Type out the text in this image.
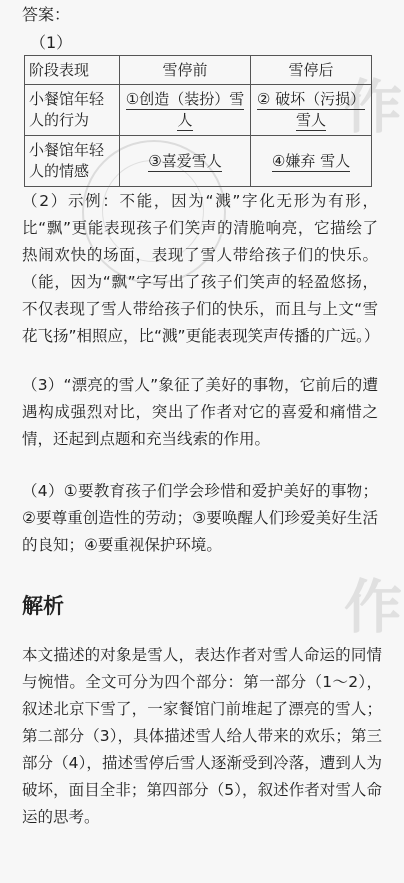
作
作
答案：
（1）
阶段表现	雪停前	雪停后
小餐馆年轻人的行为	①创造（装扮）雪人	② 破坏（污损）雪人
小餐馆年轻人的情感	③喜爱雪人	④嫌弃 雪人
（2）示例：不能，因为“溅”字化无形为有形，比“飘”更能表现孩子们笑声的清脆响亮，它描绘了热闹欢快的场面，表现了雪人带给孩子们的快乐。（能，因为“飘”字写出了孩子们笑声的轻盈悠扬，不仅表现了雪人带给孩子们的快乐，而且与上文“雪花飞扬”相照应，比“溅”更能表现笑声传播的广远。）
（3）“漂亮的雪人”象征了美好的事物，它前后的遭遇构成强烈对比，突出了作者对它的喜爱和痛惜之情，还起到点题和充当线索的作用。
（4）①要教育孩子们学会珍惜和爱护美好的事物；②要尊重创造性的劳动；③要唤醒人们珍爱美好生活的良知；④要重视保护环境。
解析
本文描述的对象是雪人，表达作者对雪人命运的同情与惋惜。全文可分为四个部分：第一部分（1～2），叙述北京下雪了，一家餐馆门前堆起了漂亮的雪人；第二部分（3），具体描述雪人给人带来的欢乐；第三部分（4），描述雪停后雪人逐渐受到冷落，遭到人为破坏，面目全非；第四部分（5），叙述作者对雪人命运的思考。
